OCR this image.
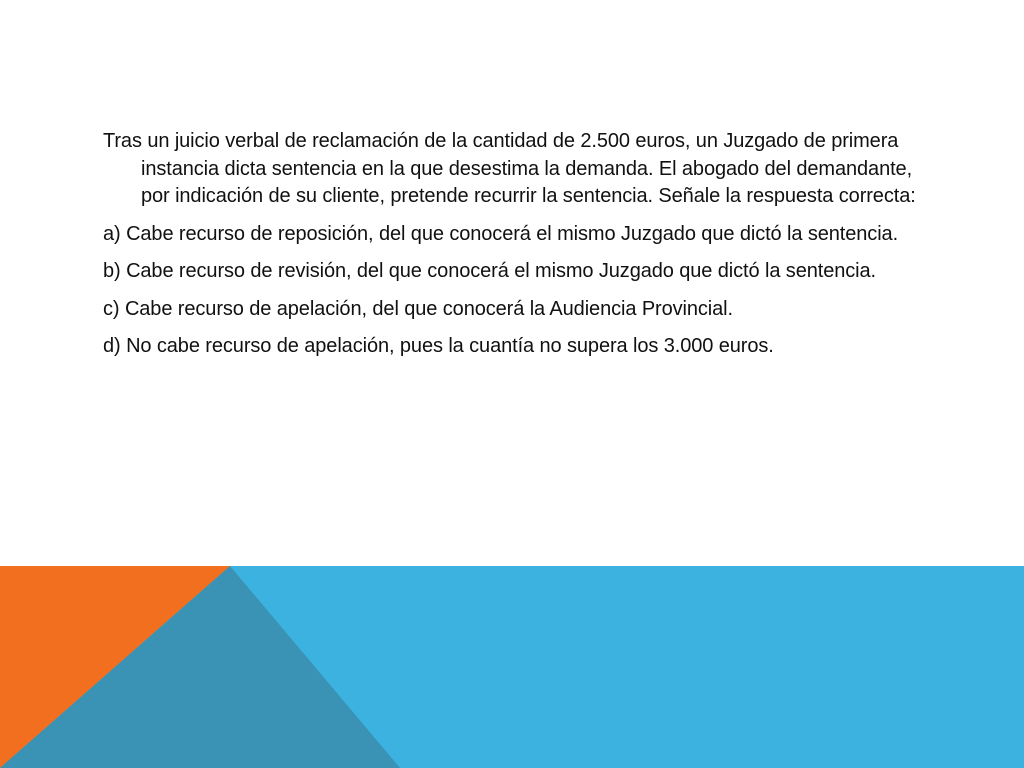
Tras un juicio verbal de reclamación de la cantidad de 2.500 euros, un Juzgado de primera instancia dicta sentencia en la que desestima la demanda. El abogado del demandante, por indicación de su cliente, pretende recurrir la sentencia. Señale la respuesta correcta:

a) Cabe recurso de reposición, del que conocerá el mismo Juzgado que dictó la sentencia.

b) Cabe recurso de revisión, del que conocerá el mismo Juzgado que dictó la sentencia.

c) Cabe recurso de apelación, del que conocerá la Audiencia Provincial.

d) No cabe recurso de apelación, pues la cuantía no supera los 3.000 euros.
